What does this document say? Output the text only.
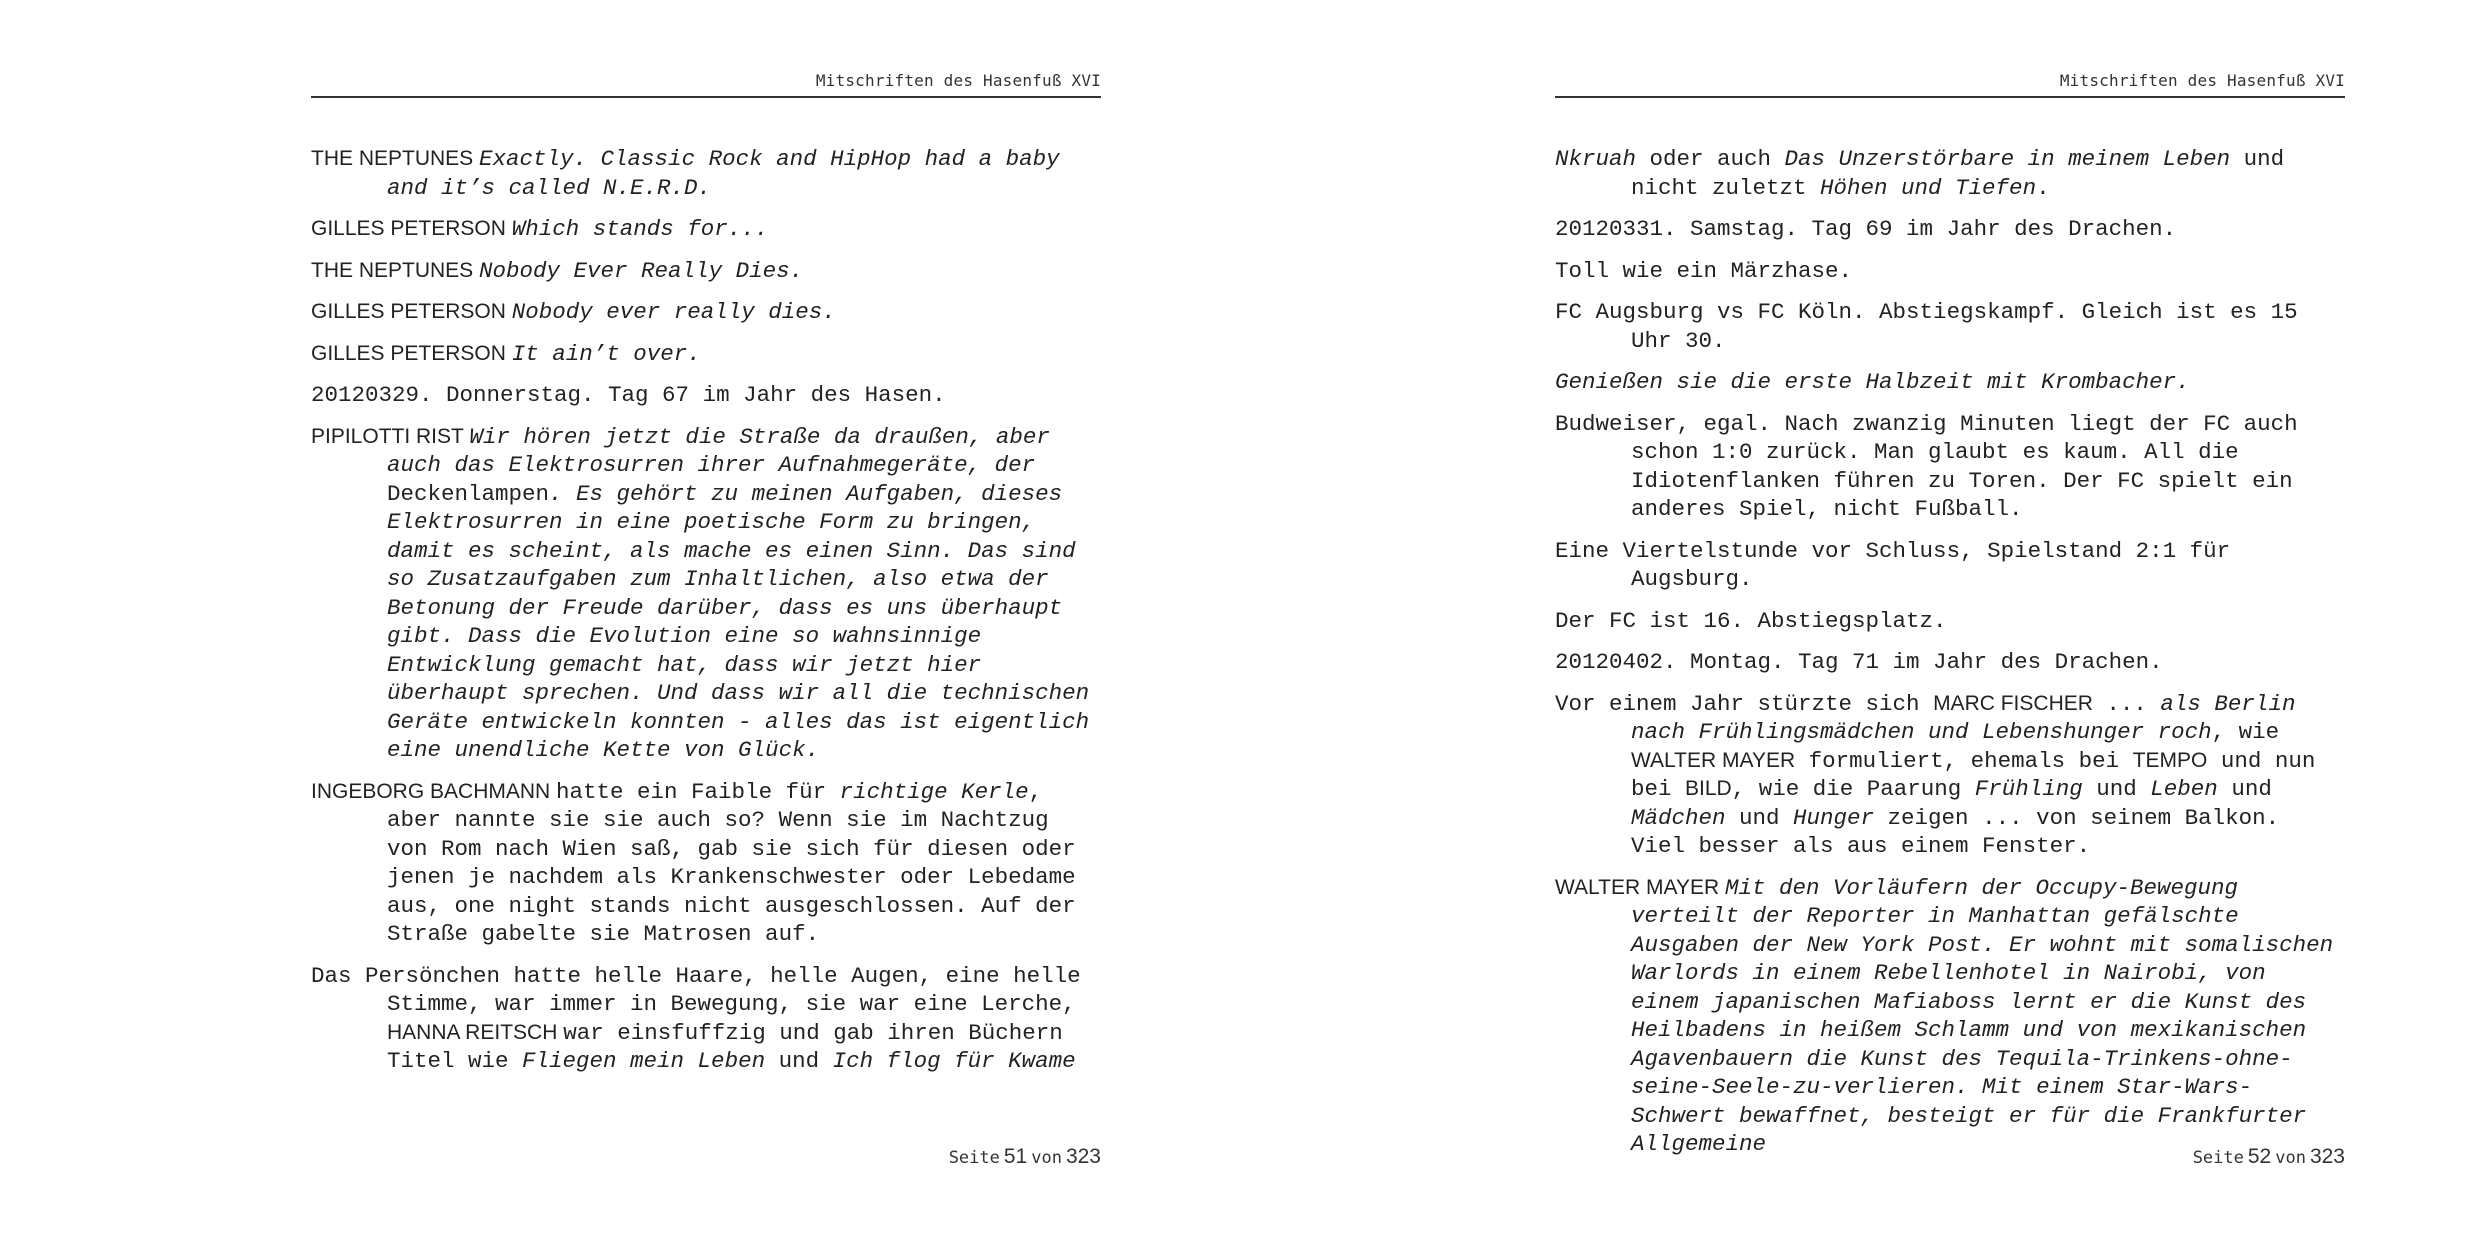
Mitschriften des Hasenfuß XVI

THE NEPTUNES Exactly. Classic Rock and HipHop had a baby and it’s called N.E.R.D.

GILLES PETERSON Which stands for...

THE NEPTUNES Nobody Ever Really Dies.

GILLES PETERSON Nobody ever really dies.

GILLES PETERSON It ain’t over.

20120329. Donnerstag. Tag 67 im Jahr des Hasen.

PIPILOTTI RIST Wir hören jetzt die Straße da draußen, aber auch das Elektrosurren ihrer Aufnahmegeräte, der Deckenlampen. Es gehört zu meinen Aufgaben, dieses Elektrosurren in eine poetische Form zu bringen, damit es scheint, als mache es einen Sinn. Das sind so Zusatzaufgaben zum Inhaltlichen, also etwa der Betonung der Freude darüber, dass es uns überhaupt gibt. Dass die Evolution eine so wahnsinnige Entwicklung gemacht hat, dass wir jetzt hier überhaupt sprechen. Und dass wir all die technischen Geräte entwickeln konnten - alles das ist eigentlich eine unendliche Kette von Glück.

INGEBORG BACHMANN hatte ein Faible für richtige Kerle, aber nannte sie sie auch so? Wenn sie im Nachtzug von Rom nach Wien saß, gab sie sich für diesen oder jenen je nachdem als Krankenschwester oder Lebedame aus, one night stands nicht ausgeschlossen. Auf der Straße gabelte sie Matrosen auf.

Das Persönchen hatte helle Haare, helle Augen, eine helle Stimme, war immer in Bewegung, sie war eine Lerche, HANNA REITSCH war einsfuffzig und gab ihren Büchern Titel wie Fliegen mein Leben und Ich flog für Kwame

Seite 51 von 323
Mitschriften des Hasenfuß XVI

Nkruah oder auch Das Unzerstörbare in meinem Leben und nicht zuletzt Höhen und Tiefen.

20120331. Samstag. Tag 69 im Jahr des Drachen.

Toll wie ein Märzhase.

FC Augsburg vs FC Köln. Abstiegskampf. Gleich ist es 15 Uhr 30.

Genießen sie die erste Halbzeit mit Krombacher.

Budweiser, egal. Nach zwanzig Minuten liegt der FC auch schon 1:0 zurück. Man glaubt es kaum. All die Idiotenflanken führen zu Toren. Der FC spielt ein anderes Spiel, nicht Fußball.

Eine Viertelstunde vor Schluss, Spielstand 2:1 für Augsburg.

Der FC ist 16. Abstiegsplatz.

20120402. Montag. Tag 71 im Jahr des Drachen.

Vor einem Jahr stürzte sich MARC FISCHER ... als Berlin nach Frühlingsmädchen und Lebenshunger roch, wie WALTER MAYER formuliert, ehemals bei TEMPO und nun bei BILD, wie die Paarung Frühling und Leben und Mädchen und Hunger zeigen ... von seinem Balkon. Viel besser als aus einem Fenster.

WALTER MAYER Mit den Vorläufern der Occupy-Bewegung verteilt der Reporter in Manhattan gefälschte Ausgaben der New York Post. Er wohnt mit somalischen Warlords in einem Rebellenhotel in Nairobi, von einem japanischen Mafiaboss lernt er die Kunst des Heilbadens in heißem Schlamm und von mexikanischen Agavenbauern die Kunst des Tequila-Trinkens-ohne-seine-Seele-zu-verlieren. Mit einem Star-Wars-Schwert bewaffnet, besteigt er für die Frankfurter Allgemeine

Seite 52 von 323
